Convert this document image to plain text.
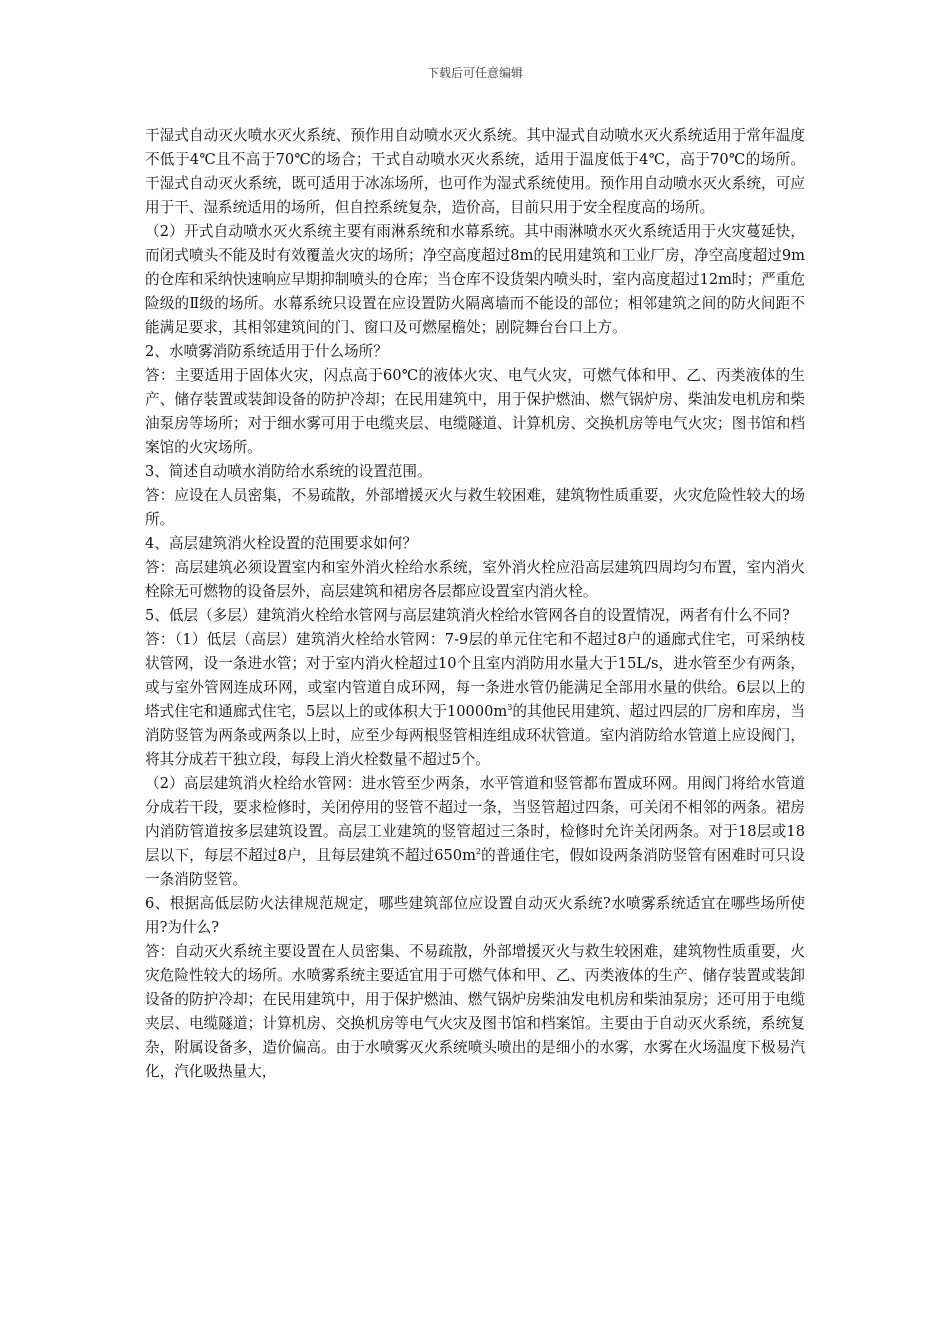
下载后可任意编辑

干湿式自动灭火喷水灭火系统、预作用自动喷水灭火系统。其中湿式自动喷水灭火系统适用于常年温度不低于4℃且不高于70℃的场合；干式自动喷水灭火系统，适用于温度低于4℃，高于70℃的场所。干湿式自动灭火系统，既可适用于冰冻场所，也可作为湿式系统使用。预作用自动喷水灭火系统，可应用于干、湿系统适用的场所，但自控系统复杂，造价高，目前只用于安全程度高的场所。

（2）开式自动喷水灭火系统主要有雨淋系统和水幕系统。其中雨淋喷水灭火系统适用于火灾蔓延快，而闭式喷头不能及时有效覆盖火灾的场所；净空高度超过8m的民用建筑和工业厂房，净空高度超过9m的仓库和采纳快速响应早期抑制喷头的仓库；当仓库不设货架内喷头时，室内高度超过12m时；严重危险级的Ⅱ级的场所。水幕系统只设置在应设置防火隔离墙而不能设的部位；相邻建筑之间的防火间距不能满足要求，其相邻建筑间的门、窗口及可燃屋檐处；剧院舞台台口上方。

2、水喷雾消防系统适用于什么场所？

答：主要适用于固体火灾，闪点高于60℃的液体火灾、电气火灾，可燃气体和甲、乙、丙类液体的生产、储存装置或装卸设备的防护冷却；在民用建筑中，用于保护燃油、燃气锅炉房、柴油发电机房和柴油泵房等场所；对于细水雾可用于电缆夹层、电缆隧道、计算机房、交换机房等电气火灾；图书馆和档案馆的火灾场所。

3、简述自动喷水消防给水系统的设置范围。

答：应设在人员密集，不易疏散，外部增援灭火与救生较困难，建筑物性质重要，火灾危险性较大的场所。

4、高层建筑消火栓设置的范围要求如何？

答：高层建筑必须设置室内和室外消火栓给水系统，室外消火栓应沿高层建筑四周均匀布置，室内消火栓除无可燃物的设备层外，高层建筑和裙房各层都应设置室内消火栓。

5、低层（多层）建筑消火栓给水管网与高层建筑消火栓给水管网各自的设置情况，两者有什么不同?

答：（1）低层（高层）建筑消火栓给水管网：7-9层的单元住宅和不超过8户的通廊式住宅，可采纳枝状管网，设一条进水管；对于室内消火栓超过10个且室内消防用水量大于15L/s，进水管至少有两条，或与室外管网连成环网，或室内管道自成环网，每一条进水管仍能满足全部用水量的供给。6层以上的塔式住宅和通廊式住宅，5层以上的或体积大于$10000m^3$的其他民用建筑、超过四层的厂房和库房，当消防竖管为两条或两条以上时，应至少每两根竖管相连组成环状管道。室内消防给水管道上应设阀门，将其分成若干独立段，每段上消火栓数量不超过5个。

（2）高层建筑消火栓给水管网：进水管至少两条，水平管道和竖管都布置成环网。用阀门将给水管道分成若干段，要求检修时，关闭停用的竖管不超过一条，当竖管超过四条，可关闭不相邻的两条。裙房内消防管道按多层建筑设置。高层工业建筑的竖管超过三条时，检修时允许关闭两条。对于18层或18层以下，每层不超过8户，且每层建筑不超过$650m^2$的普通住宅，假如设两条消防竖管有困难时可只设一条消防竖管。

6、根据高低层防火法律规范规定，哪些建筑部位应设置自动灭火系统?水喷雾系统适宜在哪些场所使用?为什么?

答：自动灭火系统主要设置在人员密集、不易疏散，外部增援灭火与救生较困难，建筑物性质重要，火灾危险性较大的场所。水喷雾系统主要适宜用于可燃气体和甲、乙、丙类液体的生产、储存装置或装卸设备的防护冷却；在民用建筑中，用于保护燃油、燃气锅炉房柴油发电机房和柴油泵房；还可用于电缆夹层、电缆隧道；计算机房、交换机房等电气火灾及图书馆和档案馆。主要由于自动灭火系统，系统复杂，附属设备多，造价偏高。由于水喷雾灭火系统喷头喷出的是细小的水雾，水雾在火场温度下极易汽化，汽化吸热量大，
